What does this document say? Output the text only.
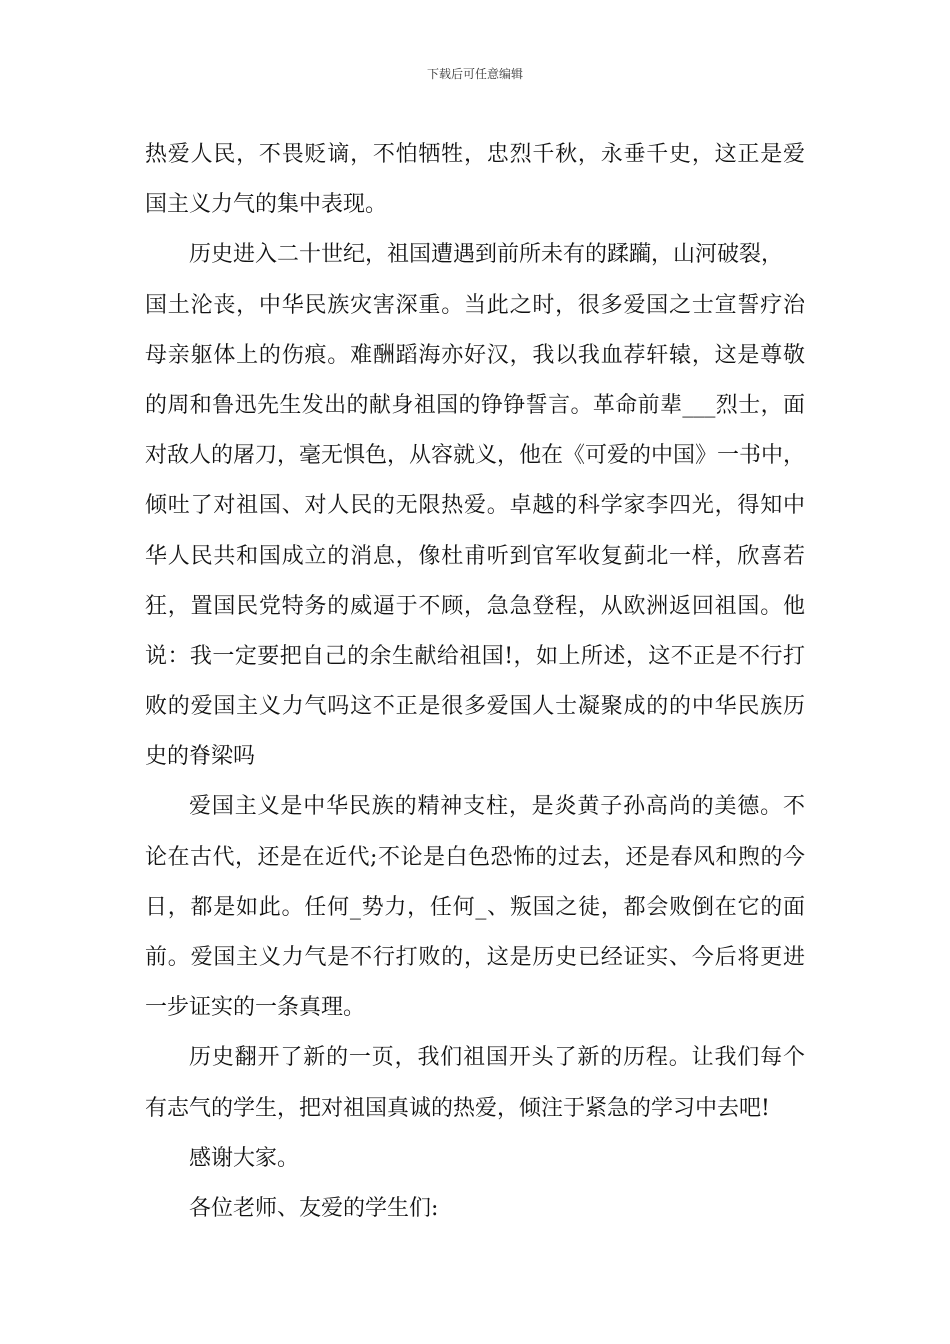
下载后可任意编辑
热爱人民，不畏贬谪，不怕牺牲，忠烈千秋，永垂千史，这正是爱
国主义力气的集中表现。
历史进入二十世纪，祖国遭遇到前所未有的蹂躏，山河破裂，
国土沦丧，中华民族灾害深重。当此之时，很多爱国之士宣誓疗治
母亲躯体上的伤痕。难酬蹈海亦好汉，我以我血荐轩辕，这是尊敬
的周和鲁迅先生发出的献身祖国的铮铮誓言。革命前辈___烈士，面
对敌人的屠刀，毫无惧色，从容就义，他在《可爱的中国》一书中，
倾吐了对祖国、对人民的无限热爱。卓越的科学家李四光，得知中
华人民共和国成立的消息，像杜甫听到官军收复蓟北一样，欣喜若
狂，置国民党特务的威逼于不顾，急急登程，从欧洲返回祖国。他
说：我一定要把自己的余生献给祖国!，如上所述，这不正是不行打
败的爱国主义力气吗这不正是很多爱国人士凝聚成的的中华民族历
史的脊梁吗
爱国主义是中华民族的精神支柱，是炎黄子孙高尚的美德。不
论在古代，还是在近代;不论是白色恐怖的过去，还是春风和煦的今
日，都是如此。任何_势力，任何_、叛国之徒，都会败倒在它的面
前。爱国主义力气是不行打败的，这是历史已经证实、今后将更进
一步证实的一条真理。
历史翻开了新的一页，我们祖国开头了新的历程。让我们每个
有志气的学生，把对祖国真诚的热爱，倾注于紧急的学习中去吧!
感谢大家。
各位老师、友爱的学生们:
